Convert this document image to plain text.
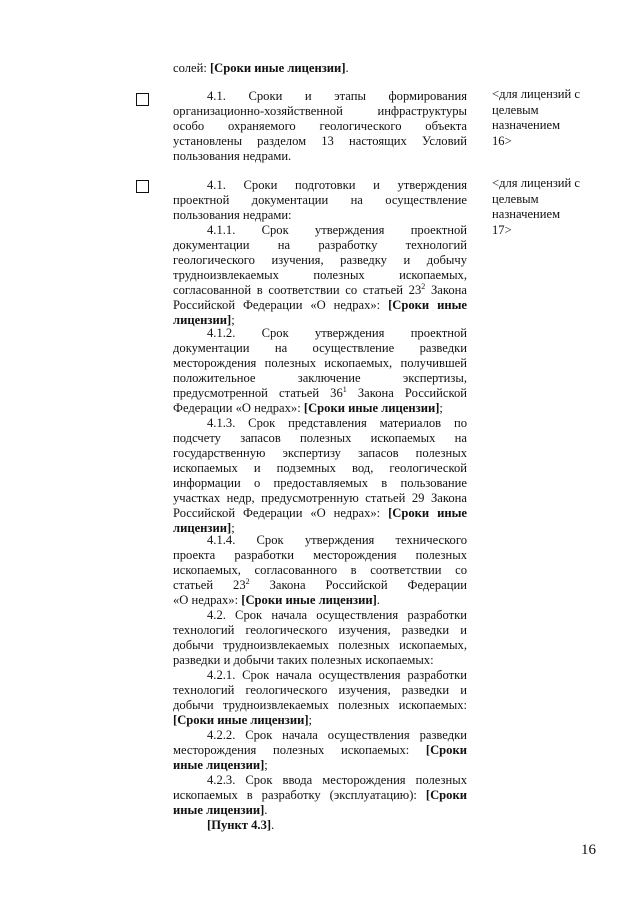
солей: [Сроки иные лицензии].
4.1. Сроки и этапы формирования
организационно-хозяйственной инфраструктуры
особо охраняемого геологического объекта
установлены разделом 13 настоящих Условий
пользования недрами.
4.1. Сроки подготовки и утверждения
проектной документации на осуществление
пользования недрами:
4.1.1. Срок утверждения проектной
документации на разработку технологий
геологического изучения, разведку и добычу
трудноизвлекаемых полезных ископаемых,
согласованной в соответствии со статьей $23^2$ Закона
Российской Федерации «О недрах»: [Сроки иные
лицензии];
4.1.2. Срок утверждения проектной
документации на осуществление разведки
месторождения полезных ископаемых, получившей
положительное заключение экспертизы,
предусмотренной статьей $36^1$ Закона Российской
Федерации «О недрах»: [Сроки иные лицензии];
4.1.3. Срок представления материалов по
подсчету запасов полезных ископаемых на
государственную экспертизу запасов полезных
ископаемых и подземных вод, геологической
информации о предоставляемых в пользование
участках недр, предусмотренную статьей 29 Закона
Российской Федерации «О недрах»: [Сроки иные
лицензии];
4.1.4. Срок утверждения технического
проекта разработки месторождения полезных
ископаемых, согласованного в соответствии со
статьей $23^2$ Закона Российской Федерации
«О недрах»: [Сроки иные лицензии].
4.2. Срок начала осуществления разработки
технологий геологического изучения, разведки и
добычи трудноизвлекаемых полезных ископаемых,
разведки и добычи таких полезных ископаемых:
4.2.1. Срок начала осуществления разработки
технологий геологического изучения, разведки и
добычи трудноизвлекаемых полезных ископаемых:
[Сроки иные лицензии];
4.2.2. Срок начала осуществления разведки
месторождения полезных ископаемых: [Сроки
иные лицензии];
4.2.3. Срок ввода месторождения полезных
ископаемых в разработку (эксплуатацию): [Сроки
иные лицензии].
[Пункт 4.3].
<для лицензий с
целевым
назначением
16>
<для лицензий с
целевым
назначением
17>
16
